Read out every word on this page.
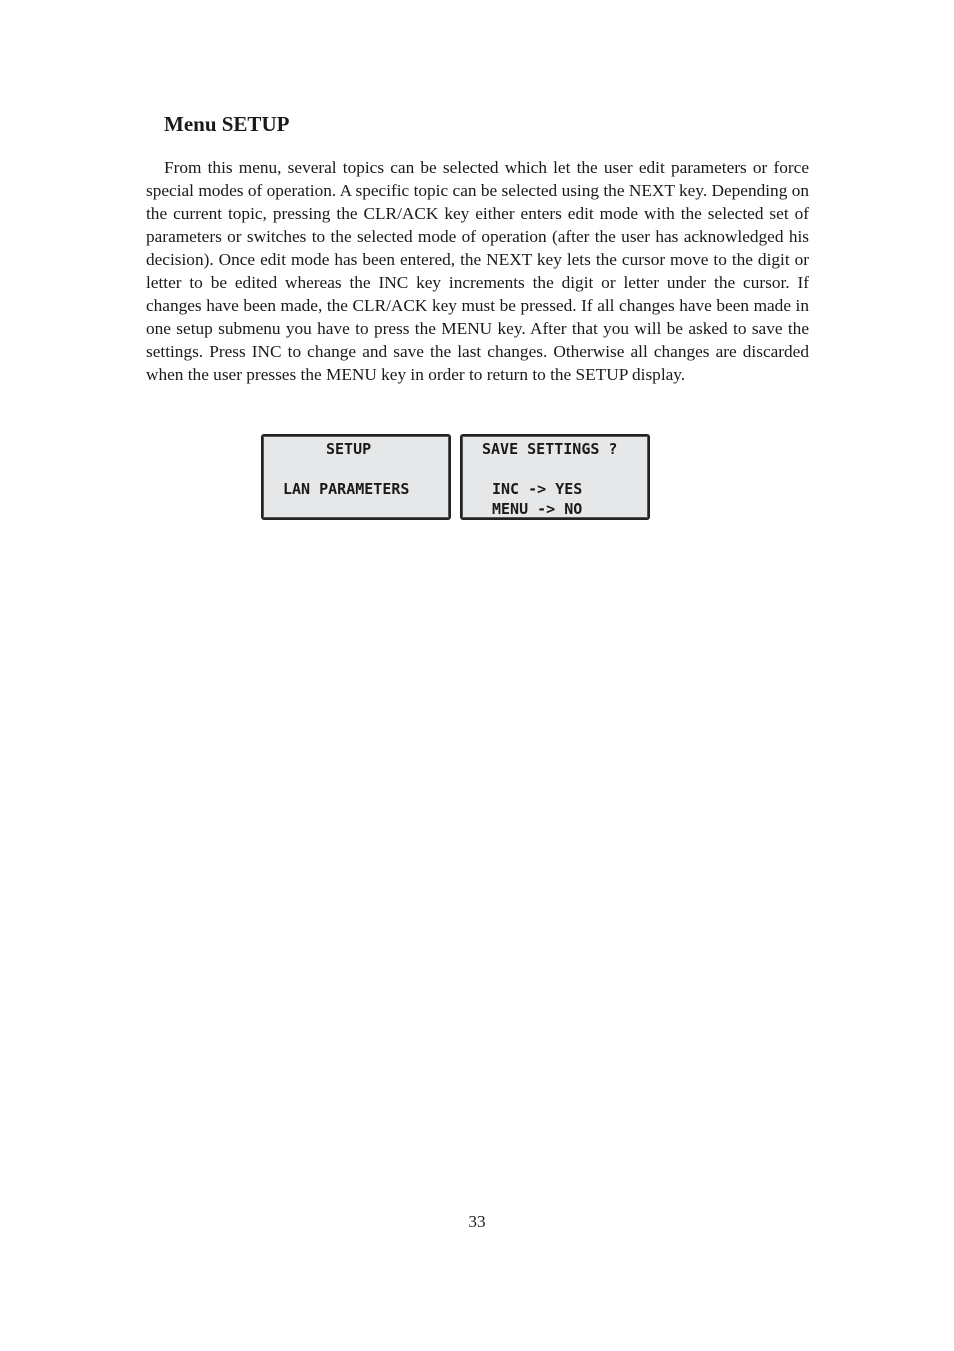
Menu SETUP

From this menu, several topics can be selected which let the user edit parameters or force special modes of operation. A specific topic can be selected using the NEXT key. Depending on the current topic, pressing the CLR/ACK key either enters edit mode with the selected set of parameters or switches to the selected mode of operation (after the user has acknowledged his decision). Once edit mode has been entered, the NEXT key lets the cursor move to the digit or letter to be edited whereas the INC key increments the digit or letter under the cursor. If changes have been made, the CLR/ACK key must be pressed. If all changes have been made in one setup submenu you have to press the MENU key. After that you will be asked to save the settings. Press INC to change and save the last changes. Otherwise all changes are discarded when the user presses the MENU key in order to return to the SETUP display.

SETUP
LAN PARAMETERS
SAVE SETTINGS ?
INC -> YES
MENU -> NO
33
